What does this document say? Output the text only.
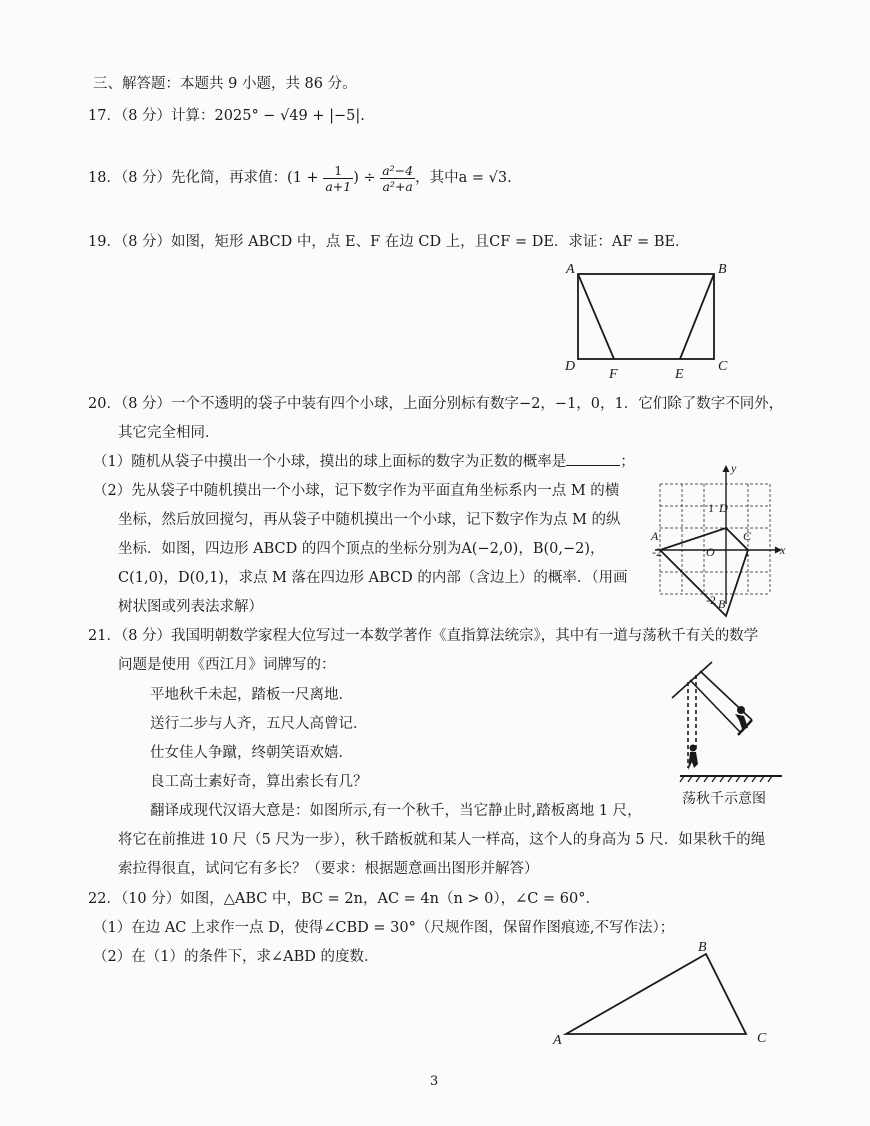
三、解答题：本题共 9 小题，共 86 分。
17．（8 分）计算：2025° − √49 + |−5|.
18．（8 分）先化简，再求值：($1 + \frac{1}{a+1}$ ) ÷ $\frac{\text{a²−4}}{\text{a²+a}}$ ，其中a = √3.
19．（8 分）如图，矩形 ABCD 中，点 E、F 在边 CD 上，且CF = DE．求证：AF = BE．
A	B
C
D
E
F
20．（8 分）一个不透明的袋子中装有四个小球，上面分别标有数字−2，−1，0，1．它们除了数字不同外，
其它完全相同．
（1）随机从袋子中摸出一个小球，摸出的球上面标的数字为正数的概率是	；
（2）先从袋子中随机摸出一个小球，记下数字作为平面直角坐标系内一点 M 的横
坐标，然后放回搅匀，再从袋子中随机摸出一个小球，记下数字作为点 M 的纵
坐标．如图，四边形 ABCD 的四个顶点的坐标分别为A(−2,0)，B(0,−2)，
C(1,0)，D(0,1)，求点 M 落在四边形 ABCD 的内部（含边上）的概率．（用画
树状图或列表法求解）
x
y
O
-2	1
1
-2
A
B
C
D
21．（8 分）我国明朝数学家程大位写过一本数学著作《直指算法统宗》，其中有一道与荡秋千有关的数学
问题是使用《西江月》词牌写的：
平地秋千未起，踏板一尺离地．
送行二步与人齐，五尺人高曾记．
仕女佳人争蹴，终朝笑语欢嬉．
良工高士素好奇，算出索长有几？
翻译成现代汉语大意是：如图所示,有一个秋千，当它静止时,踏板离地 1 尺，
将它在前推进 10 尺（5 尺为一步），秋千踏板就和某人一样高，这个人的身高为 5 尺．如果秋千的绳
索拉得很直，试问它有多长？（要求：根据题意画出图形并解答）
荡秋千示意图
22．（10 分）如图，△ABC 中，BC = 2n，AC = 4n（n > 0），∠C = 60°．
（1）在边 AC 上求作一点 D，使得∠CBD = 30°（尺规作图，保留作图痕迹,不写作法）；
（2）在（1）的条件下，求∠ABD 的度数．
A
B
C
3
